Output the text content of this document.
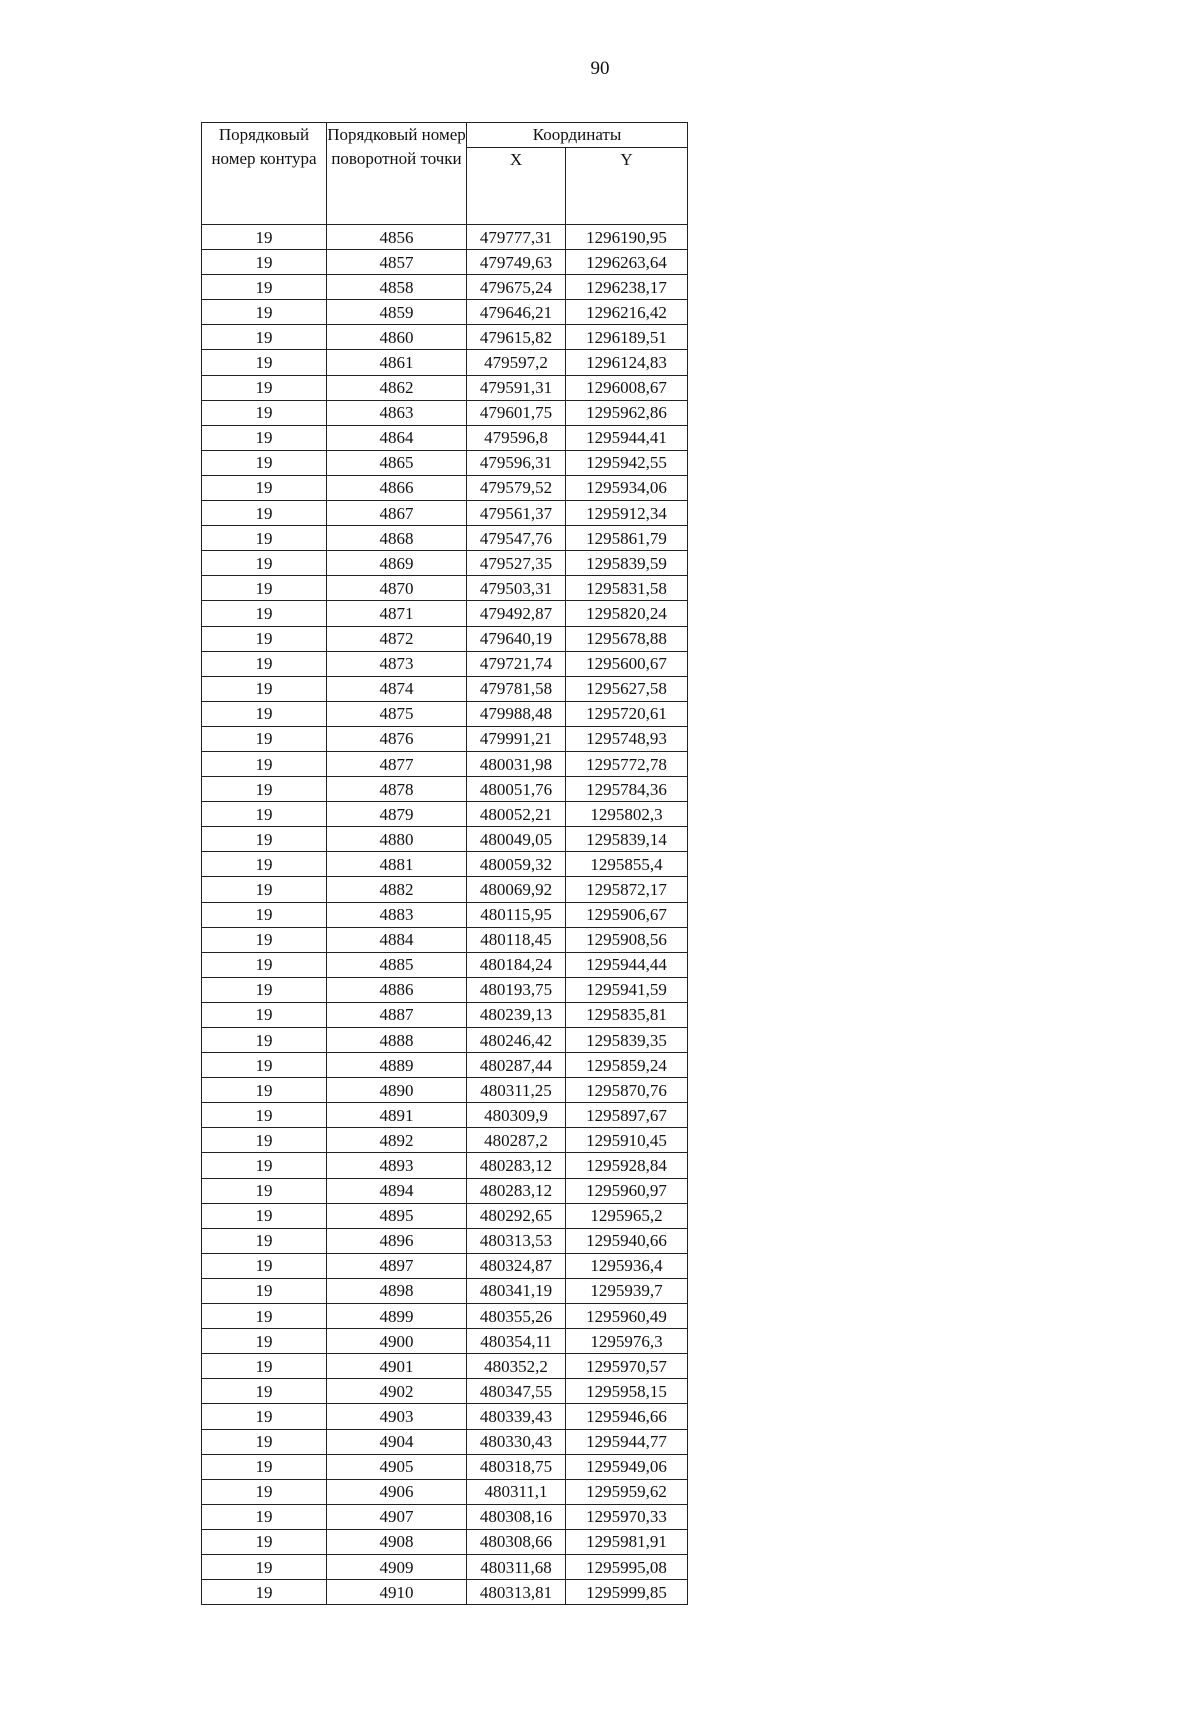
90
Порядковый номер контура	Порядковый номер поворотной точки	Координаты	
		X	Y
19	4856	479777,31	1296190,95
19	4857	479749,63	1296263,64
19	4858	479675,24	1296238,17
19	4859	479646,21	1296216,42
19	4860	479615,82	1296189,51
19	4861	479597,2	1296124,83
19	4862	479591,31	1296008,67
19	4863	479601,75	1295962,86
19	4864	479596,8	1295944,41
19	4865	479596,31	1295942,55
19	4866	479579,52	1295934,06
19	4867	479561,37	1295912,34
19	4868	479547,76	1295861,79
19	4869	479527,35	1295839,59
19	4870	479503,31	1295831,58
19	4871	479492,87	1295820,24
19	4872	479640,19	1295678,88
19	4873	479721,74	1295600,67
19	4874	479781,58	1295627,58
19	4875	479988,48	1295720,61
19	4876	479991,21	1295748,93
19	4877	480031,98	1295772,78
19	4878	480051,76	1295784,36
19	4879	480052,21	1295802,3
19	4880	480049,05	1295839,14
19	4881	480059,32	1295855,4
19	4882	480069,92	1295872,17
19	4883	480115,95	1295906,67
19	4884	480118,45	1295908,56
19	4885	480184,24	1295944,44
19	4886	480193,75	1295941,59
19	4887	480239,13	1295835,81
19	4888	480246,42	1295839,35
19	4889	480287,44	1295859,24
19	4890	480311,25	1295870,76
19	4891	480309,9	1295897,67
19	4892	480287,2	1295910,45
19	4893	480283,12	1295928,84
19	4894	480283,12	1295960,97
19	4895	480292,65	1295965,2
19	4896	480313,53	1295940,66
19	4897	480324,87	1295936,4
19	4898	480341,19	1295939,7
19	4899	480355,26	1295960,49
19	4900	480354,11	1295976,3
19	4901	480352,2	1295970,57
19	4902	480347,55	1295958,15
19	4903	480339,43	1295946,66
19	4904	480330,43	1295944,77
19	4905	480318,75	1295949,06
19	4906	480311,1	1295959,62
19	4907	480308,16	1295970,33
19	4908	480308,66	1295981,91
19	4909	480311,68	1295995,08
19	4910	480313,81	1295999,85
